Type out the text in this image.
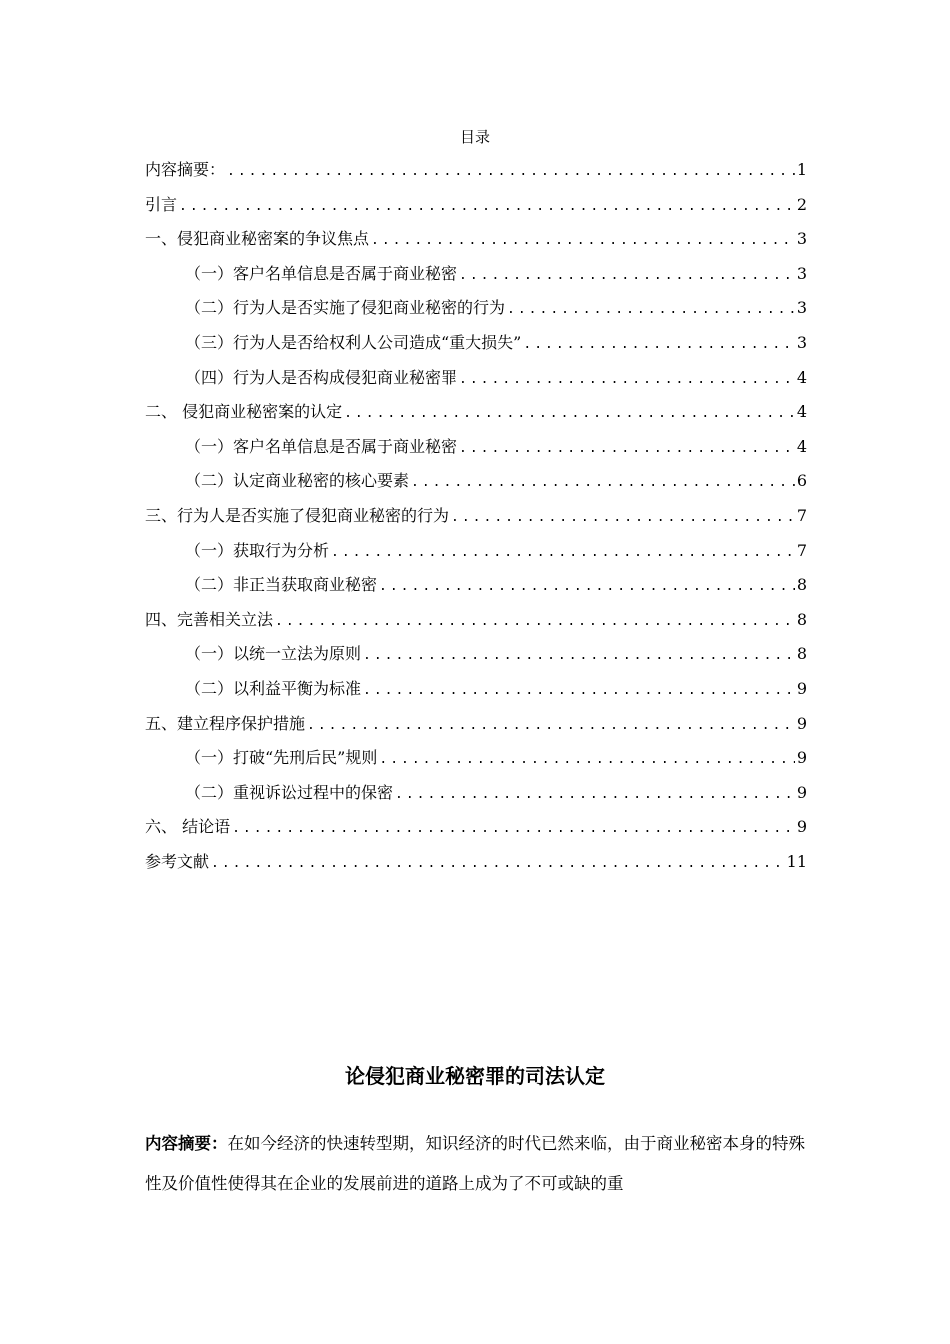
目录
内容摘要： .....	1
引言 .....	2
一、侵犯商业秘密案的争议焦点 .....	3
（一）客户名单信息是否属于商业秘密 .....	3
（二）行为人是否实施了侵犯商业秘密的行为 .....	3
（三）行为人是否给权利人公司造成“重大损失” .....	3
（四）行为人是否构成侵犯商业秘密罪 .....	4
二、 侵犯商业秘密案的认定 .....	4
（一）客户名单信息是否属于商业秘密 .....	4
（二）认定商业秘密的核心要素 .....	6
三、行为人是否实施了侵犯商业秘密的行为 .....	7
（一）获取行为分析 .....	7
（二）非正当获取商业秘密 .....	8
四、完善相关立法 .....	8
（一）以统一立法为原则 .....	8
（二）以利益平衡为标准 .....	9
五、建立程序保护措施 .....	9
（一）打破“先刑后民”规则 .....	9
（二）重视诉讼过程中的保密 .....	9
六、 结论语 .....	9
参考文献 .....	11
论侵犯商业秘密罪的司法认定

内容摘要：在如今经济的快速转型期，知识经济的时代已然来临，由于商业秘密本身的特殊性及价值性使得其在企业的发展前进的道路上成为了不可或缺的重
